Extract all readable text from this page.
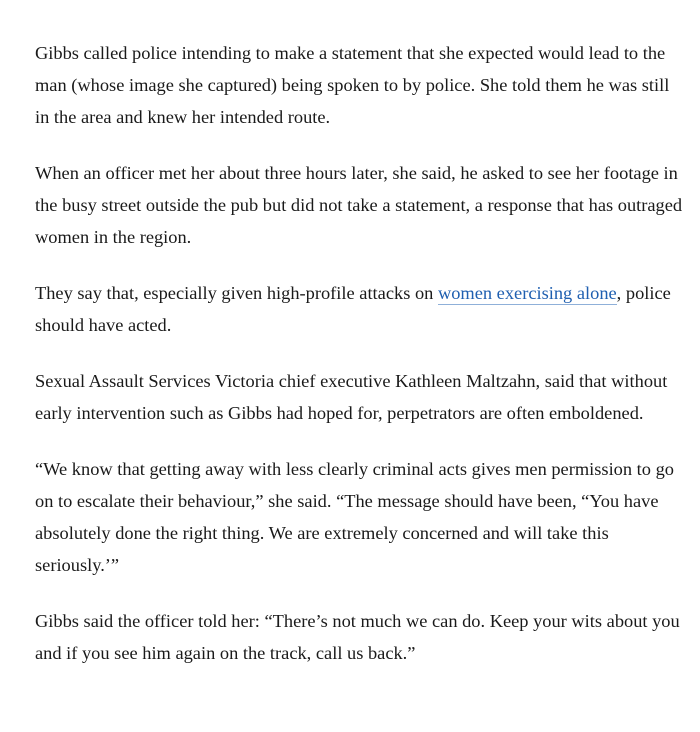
Gibbs called police intending to make a statement that she expected would lead to the man (whose image she captured) being spoken to by police. She told them he was still in the area and knew her intended route.

When an officer met her about three hours later, she said, he asked to see her footage in the busy street outside the pub but did not take a statement, a response that has outraged women in the region.

They say that, especially given high-profile attacks on women exercising alone, police should have acted.

Sexual Assault Services Victoria chief executive Kathleen Maltzahn, said that without early intervention such as Gibbs had hoped for, perpetrators are often emboldened.

“We know that getting away with less clearly criminal acts gives men permission to go on to escalate their behaviour,” she said. “The message should have been, “You have absolutely done the right thing. We are extremely concerned and will take this seriously.’”

Gibbs said the officer told her: “There’s not much we can do. Keep your wits about you and if you see him again on the track, call us back.”
